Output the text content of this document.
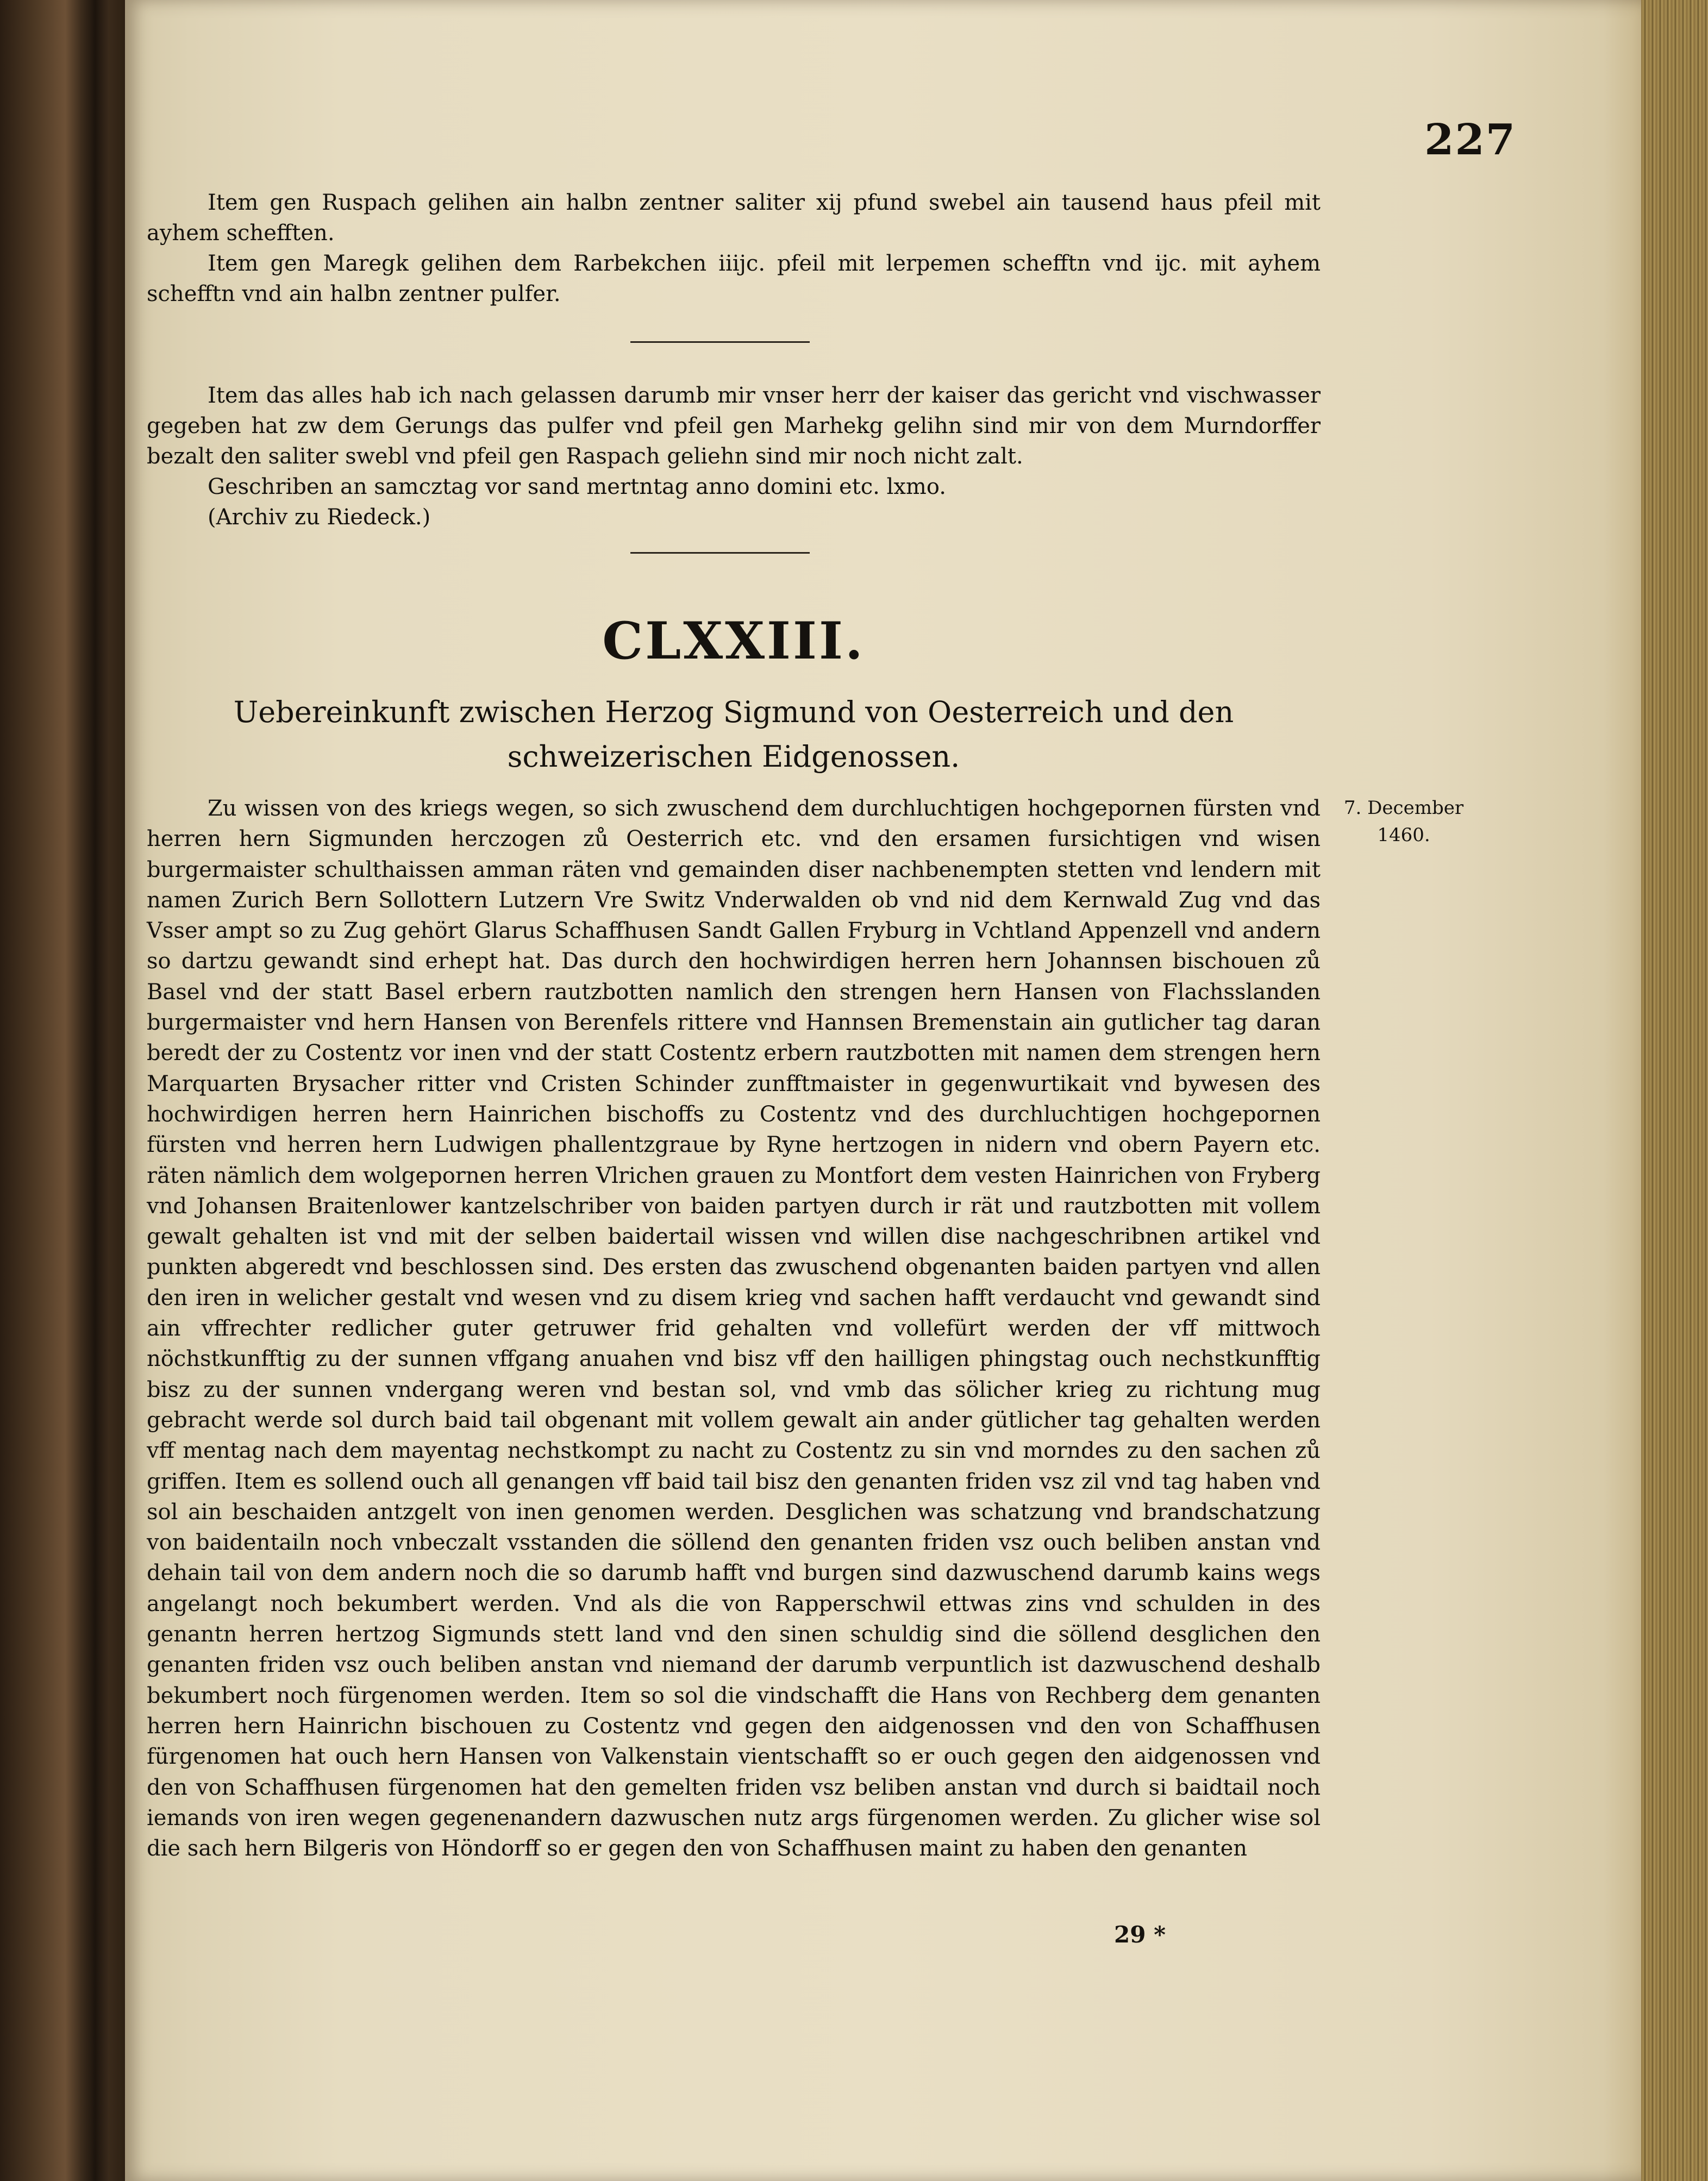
227

Item gen Ruspach gelihen ain halbn zentner saliter xij pfund swebel ain tausend haus pfeil mit ayhem schefften.

Item gen Maregk gelihen dem Rarbekchen iiijc. pfeil mit lerpemen schefftn vnd ijc. mit ayhem schefftn vnd ain halbn zentner pulfer.

Item das alles hab ich nach gelassen darumb mir vnser herr der kaiser das gericht vnd vischwasser gegeben hat zw dem Gerungs das pulfer vnd pfeil gen Marhekg gelihn sind mir von dem Murndorffer bezalt den saliter swebl vnd pfeil gen Raspach geliehn sind mir noch nicht zalt.

Geschriben an samcztag vor sand mertntag anno domini etc. lxmo.

(Archiv zu Riedeck.)

CLXXIII.
Uebereinkunft zwischen Herzog Sigmund von Oesterreich und den schweizerischen Eidgenossen.
7. December
1460.

Zu wissen von des kriegs wegen, so sich zwuschend dem durchluchtigen hochgepornen fürsten vnd herren hern Sigmunden herczogen zů Oesterrich etc. vnd den ersamen fursichtigen vnd wisen burgermaister schulthaissen amman räten vnd gemainden diser nachbenempten stetten vnd lendern mit namen Zurich Bern Sollottern Lutzern Vre Switz Vnderwalden ob vnd nid dem Kernwald Zug vnd das Vsser ampt so zu Zug gehört Glarus Schaffhusen Sandt Gallen Fryburg in Vchtland Appenzell vnd andern so dartzu gewandt sind erhept hat. Das durch den hochwirdigen herren hern Johannsen bischouen zů Basel vnd der statt Basel erbern rautzbotten namlich den strengen hern Hansen von Flachsslanden burgermaister vnd hern Hansen von Berenfels rittere vnd Hannsen Bremenstain ain gutlicher tag daran beredt der zu Costentz vor inen vnd der statt Costentz erbern rautzbotten mit namen dem strengen hern Marquarten Brysacher ritter vnd Cristen Schinder zunfftmaister in gegenwurtikait vnd bywesen des hochwirdigen herren hern Hainrichen bischoffs zu Costentz vnd des durchluchtigen hochgepornen fürsten vnd herren hern Ludwigen phallentzgraue by Ryne hertzogen in nidern vnd obern Payern etc. räten nämlich dem wolgepornen herren Vlrichen grauen zu Montfort dem vesten Hainrichen von Fryberg vnd Johansen Braitenlower kantzelschriber von baiden partyen durch ir rät und rautzbotten mit vollem gewalt gehalten ist vnd mit der selben baidertail wissen vnd willen dise nachgeschribnen artikel vnd punkten abgeredt vnd beschlossen sind. Des ersten das zwuschend obgenanten baiden partyen vnd allen den iren in welicher gestalt vnd wesen vnd zu disem krieg vnd sachen hafft verdaucht vnd gewandt sind ain vffrechter redlicher guter getruwer frid gehalten vnd vollefürt werden der vff mittwoch nöchstkunfftig zu der sunnen vffgang anuahen vnd bisz vff den hailligen phingstag ouch nechstkunfftig bisz zu der sunnen vndergang weren vnd bestan sol, vnd vmb das sölicher krieg zu richtung mug gebracht werde sol durch baid tail obgenant mit vollem gewalt ain ander gütlicher tag gehalten werden vff mentag nach dem mayentag nechstkompt zu nacht zu Costentz zu sin vnd morndes zu den sachen zů griffen. Item es sollend ouch all genangen vff baid tail bisz den genanten friden vsz zil vnd tag haben vnd sol ain beschaiden antzgelt von inen genomen werden. Desglichen was schatzung vnd brandschatzung von baidentailn noch vnbeczalt vsstanden die söllend den genanten friden vsz ouch beliben anstan vnd dehain tail von dem andern noch die so darumb hafft vnd burgen sind dazwuschend darumb kains wegs angelangt noch bekumbert werden. Vnd als die von Rapperschwil ettwas zins vnd schulden in des genantn herren hertzog Sigmunds stett land vnd den sinen schuldig sind die söllend desglichen den genanten friden vsz ouch beliben anstan vnd niemand der darumb verpuntlich ist dazwuschend deshalb bekumbert noch fürgenomen werden. Item so sol die vindschafft die Hans von Rechberg dem genanten herren hern Hainrichn bischouen zu Costentz vnd gegen den aidgenossen vnd den von Schaffhusen fürgenomen hat ouch hern Hansen von Valkenstain vientschafft so er ouch gegen den aidgenossen vnd den von Schaffhusen fürgenomen hat den gemelten friden vsz beliben anstan vnd durch si baidtail noch iemands von iren wegen gegenenandern dazwuschen nutz args fürgenomen werden. Zu glicher wise sol die sach hern Bilgeris von Höndorff so er gegen den von Schaffhusen maint zu haben den genanten

29 *
